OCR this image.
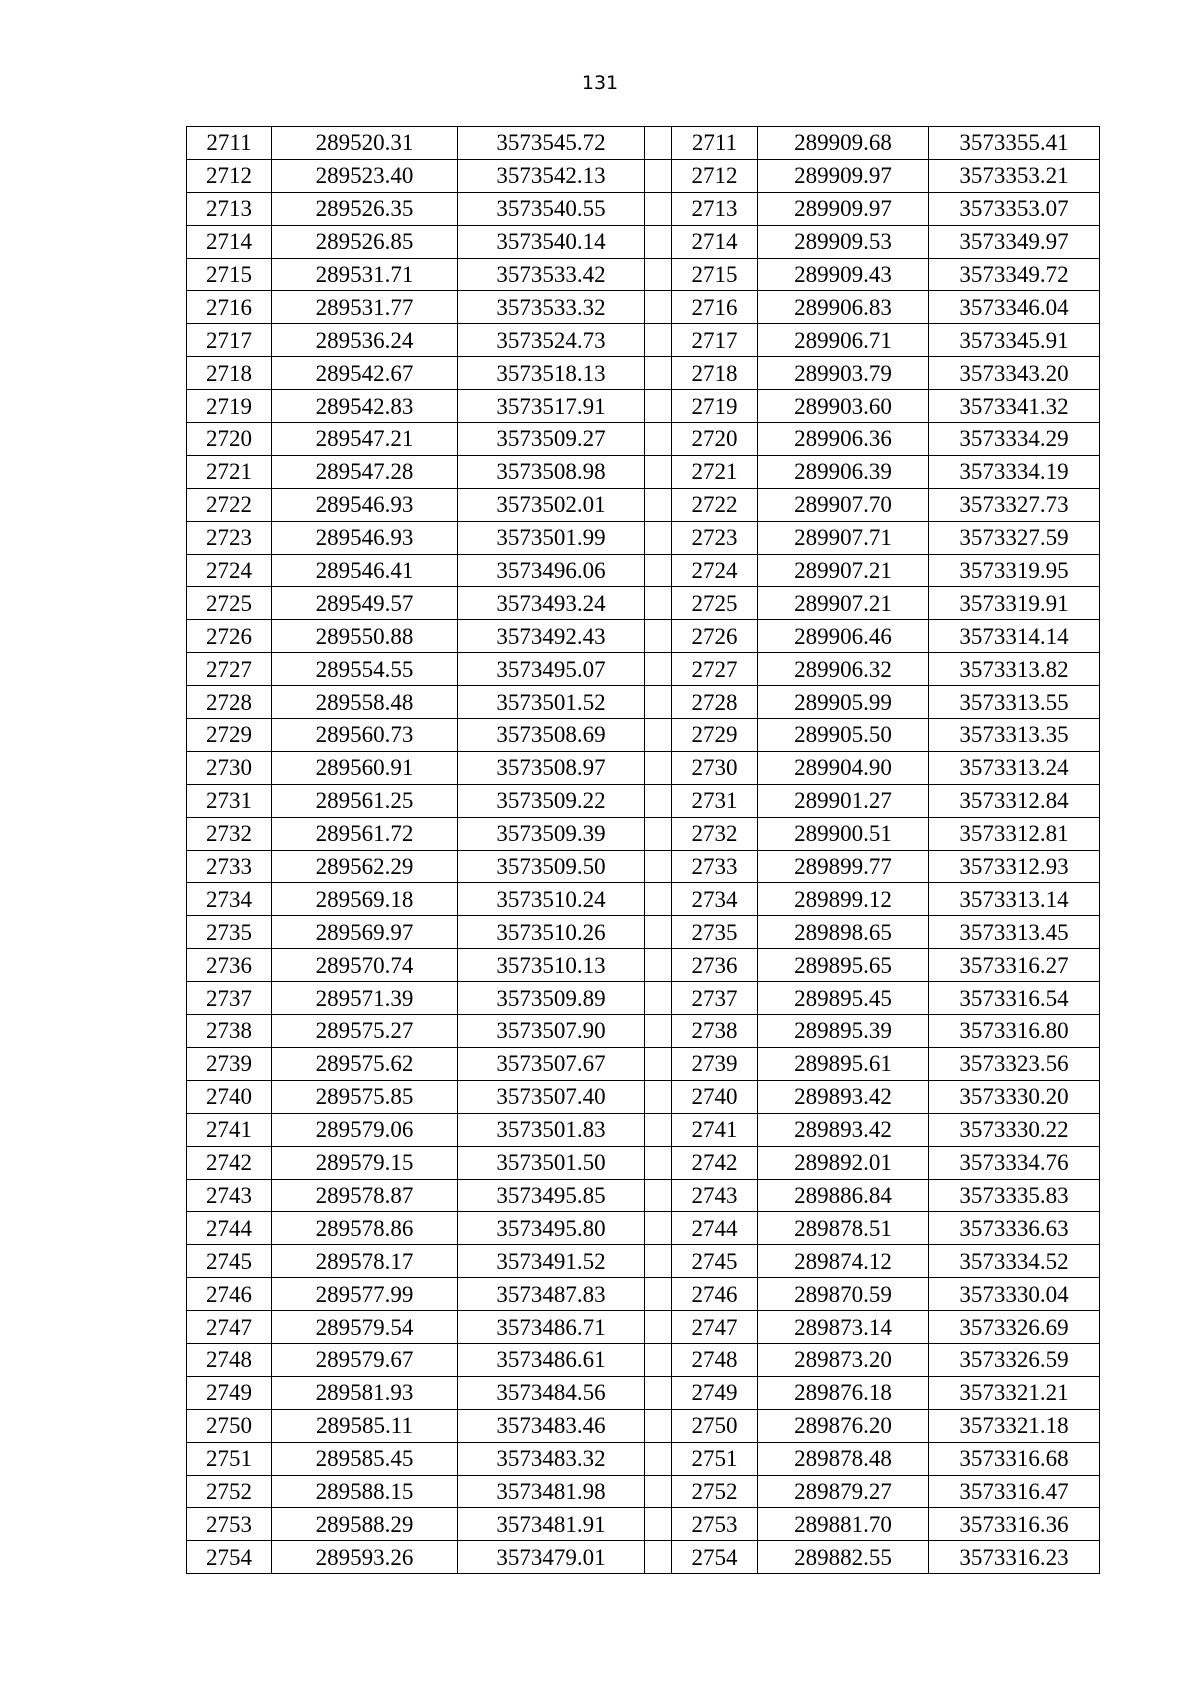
131
2711	289520.31	3573545.72		2711	289909.68	3573355.41
2712	289523.40	3573542.13		2712	289909.97	3573353.21
2713	289526.35	3573540.55		2713	289909.97	3573353.07
2714	289526.85	3573540.14		2714	289909.53	3573349.97
2715	289531.71	3573533.42		2715	289909.43	3573349.72
2716	289531.77	3573533.32		2716	289906.83	3573346.04
2717	289536.24	3573524.73		2717	289906.71	3573345.91
2718	289542.67	3573518.13		2718	289903.79	3573343.20
2719	289542.83	3573517.91		2719	289903.60	3573341.32
2720	289547.21	3573509.27		2720	289906.36	3573334.29
2721	289547.28	3573508.98		2721	289906.39	3573334.19
2722	289546.93	3573502.01		2722	289907.70	3573327.73
2723	289546.93	3573501.99		2723	289907.71	3573327.59
2724	289546.41	3573496.06		2724	289907.21	3573319.95
2725	289549.57	3573493.24		2725	289907.21	3573319.91
2726	289550.88	3573492.43		2726	289906.46	3573314.14
2727	289554.55	3573495.07		2727	289906.32	3573313.82
2728	289558.48	3573501.52		2728	289905.99	3573313.55
2729	289560.73	3573508.69		2729	289905.50	3573313.35
2730	289560.91	3573508.97		2730	289904.90	3573313.24
2731	289561.25	3573509.22		2731	289901.27	3573312.84
2732	289561.72	3573509.39		2732	289900.51	3573312.81
2733	289562.29	3573509.50		2733	289899.77	3573312.93
2734	289569.18	3573510.24		2734	289899.12	3573313.14
2735	289569.97	3573510.26		2735	289898.65	3573313.45
2736	289570.74	3573510.13		2736	289895.65	3573316.27
2737	289571.39	3573509.89		2737	289895.45	3573316.54
2738	289575.27	3573507.90		2738	289895.39	3573316.80
2739	289575.62	3573507.67		2739	289895.61	3573323.56
2740	289575.85	3573507.40		2740	289893.42	3573330.20
2741	289579.06	3573501.83		2741	289893.42	3573330.22
2742	289579.15	3573501.50		2742	289892.01	3573334.76
2743	289578.87	3573495.85		2743	289886.84	3573335.83
2744	289578.86	3573495.80		2744	289878.51	3573336.63
2745	289578.17	3573491.52		2745	289874.12	3573334.52
2746	289577.99	3573487.83		2746	289870.59	3573330.04
2747	289579.54	3573486.71		2747	289873.14	3573326.69
2748	289579.67	3573486.61		2748	289873.20	3573326.59
2749	289581.93	3573484.56		2749	289876.18	3573321.21
2750	289585.11	3573483.46		2750	289876.20	3573321.18
2751	289585.45	3573483.32		2751	289878.48	3573316.68
2752	289588.15	3573481.98		2752	289879.27	3573316.47
2753	289588.29	3573481.91		2753	289881.70	3573316.36
2754	289593.26	3573479.01		2754	289882.55	3573316.23
